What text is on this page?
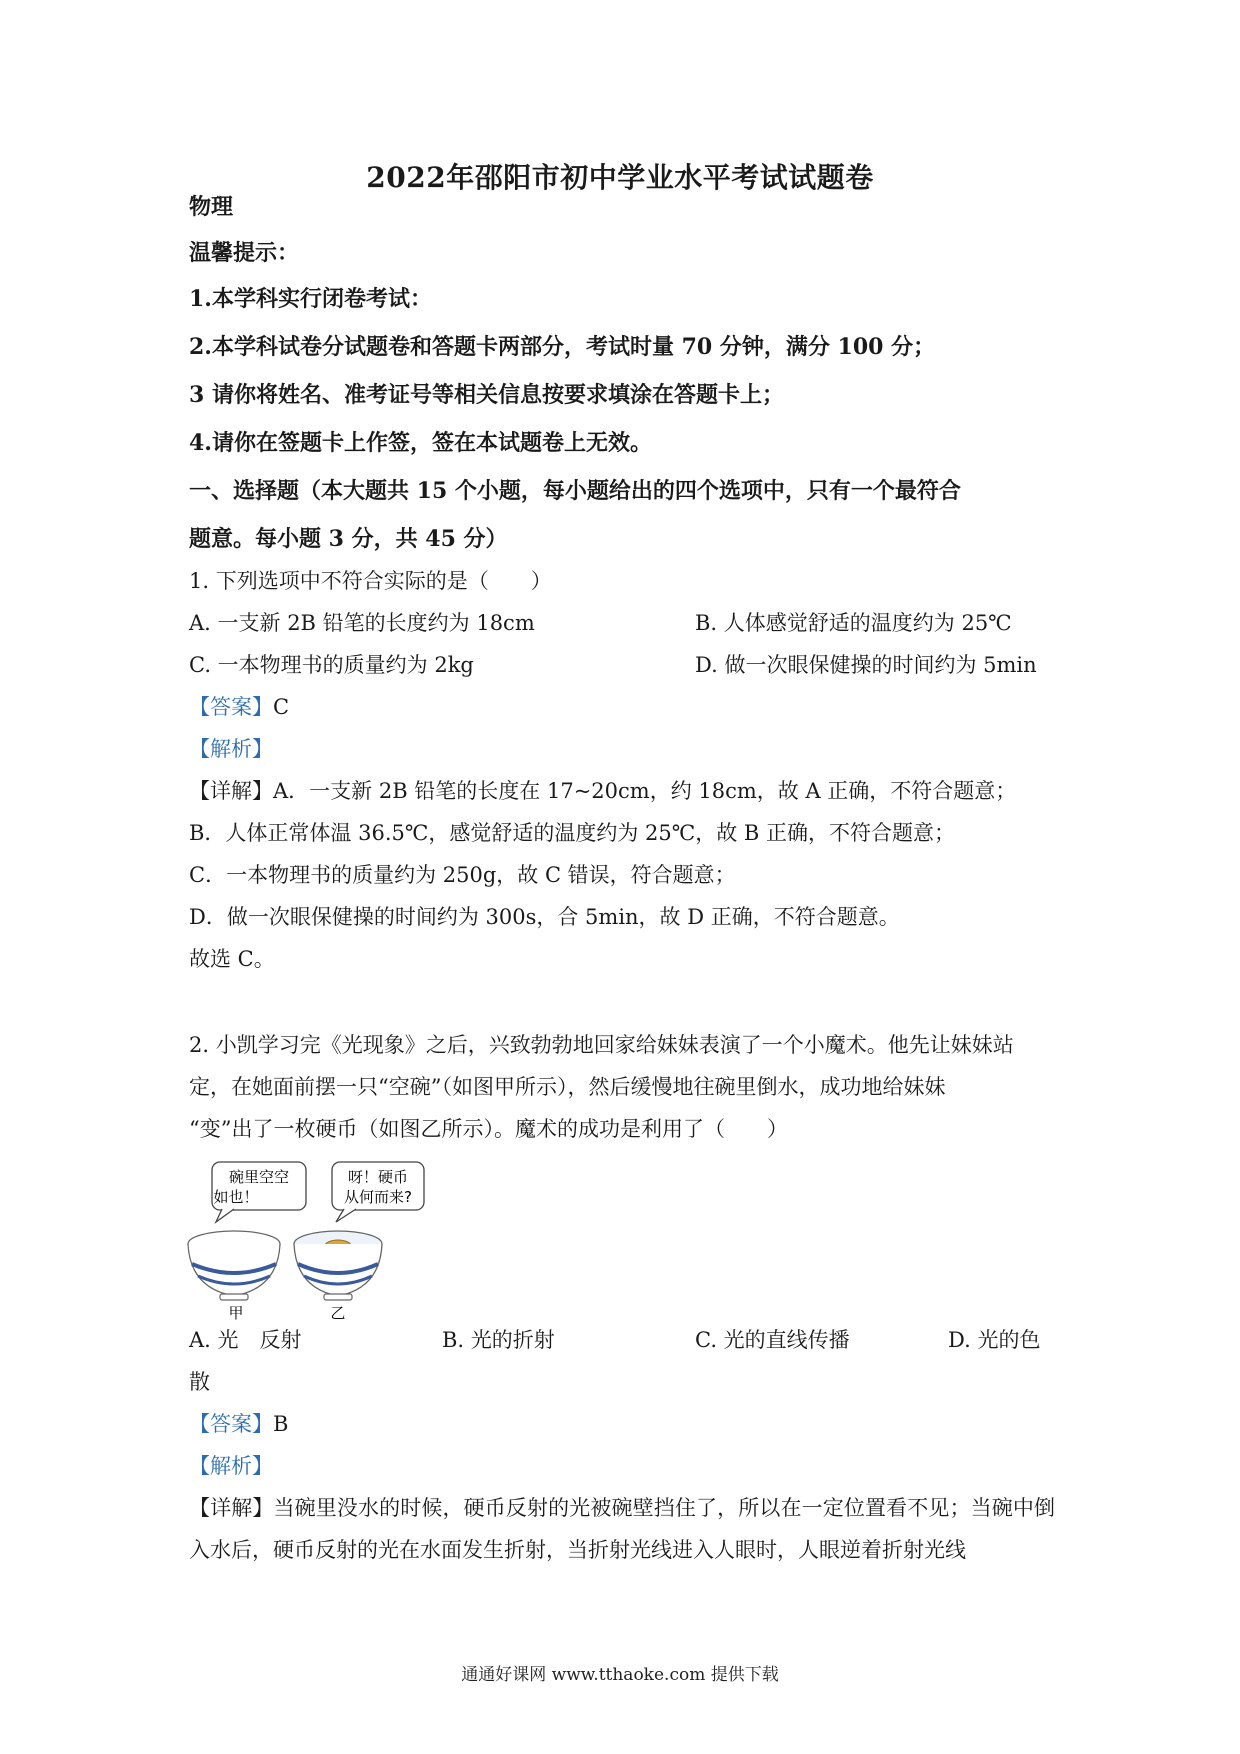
2022年邵阳市初中学业水平考试试题卷
物理
温馨提示：
1.本学科实行闭卷考试：
2.本学科试卷分试题卷和答题卡两部分，考试时量 70 分钟，满分 100 分；
3 请你将姓名、准考证号等相关信息按要求填涂在答题卡上；
4.请你在签题卡上作签，签在本试题卷上无效。
一、选择题（本大题共 15 个小题，每小题给出的四个选项中，只有一个最符合
题意。每小题 3 分，共 45 分）
1. 下列选项中不符合实际的是（　　）
A. 一支新 2B 铅笔的长度约为 18cm	B. 人体感觉舒适的温度约为 25℃
C. 一本物理书的质量约为 2kg	D. 做一次眼保健操的时间约为 5min
【答案】C
【解析】
【详解】A．一支新 2B 铅笔的长度在 17~20cm，约 18cm，故 A 正确，不符合题意；
B．人体正常体温 36.5℃，感觉舒适的温度约为 25℃，故 B 正确，不符合题意；
C．一本物理书的质量约为 250g，故 C 错误，符合题意；
D．做一次眼保健操的时间约为 300s，合 5min，故 D 正确，不符合题意。
故选 C。
2. 小凯学习完《光现象》之后，兴致勃勃地回家给妹妹表演了一个小魔术。他先让妹妹站
定，在她面前摆一只“空碗”（如图甲所示），然后缓慢地往碗里倒水，成功地给妹妹
“变”出了一枚硬币（如图乙所示）。魔术的成功是利用了（　　）
碗里空空
如也！
呀！硬币
从何而来?
甲	乙
A. 光　反射	B. 光的折射	C. 光的直线传播	D. 光的色
散
【答案】B
【解析】
【详解】当碗里没水的时候，硬币反射的光被碗壁挡住了，所以在一定位置看不见；当碗中倒入水后，硬币反射的光在水面发生折射，当折射光线进入人眼时，人眼逆着折射光线
通通好课网 www.tthaoke.com 提供下载
